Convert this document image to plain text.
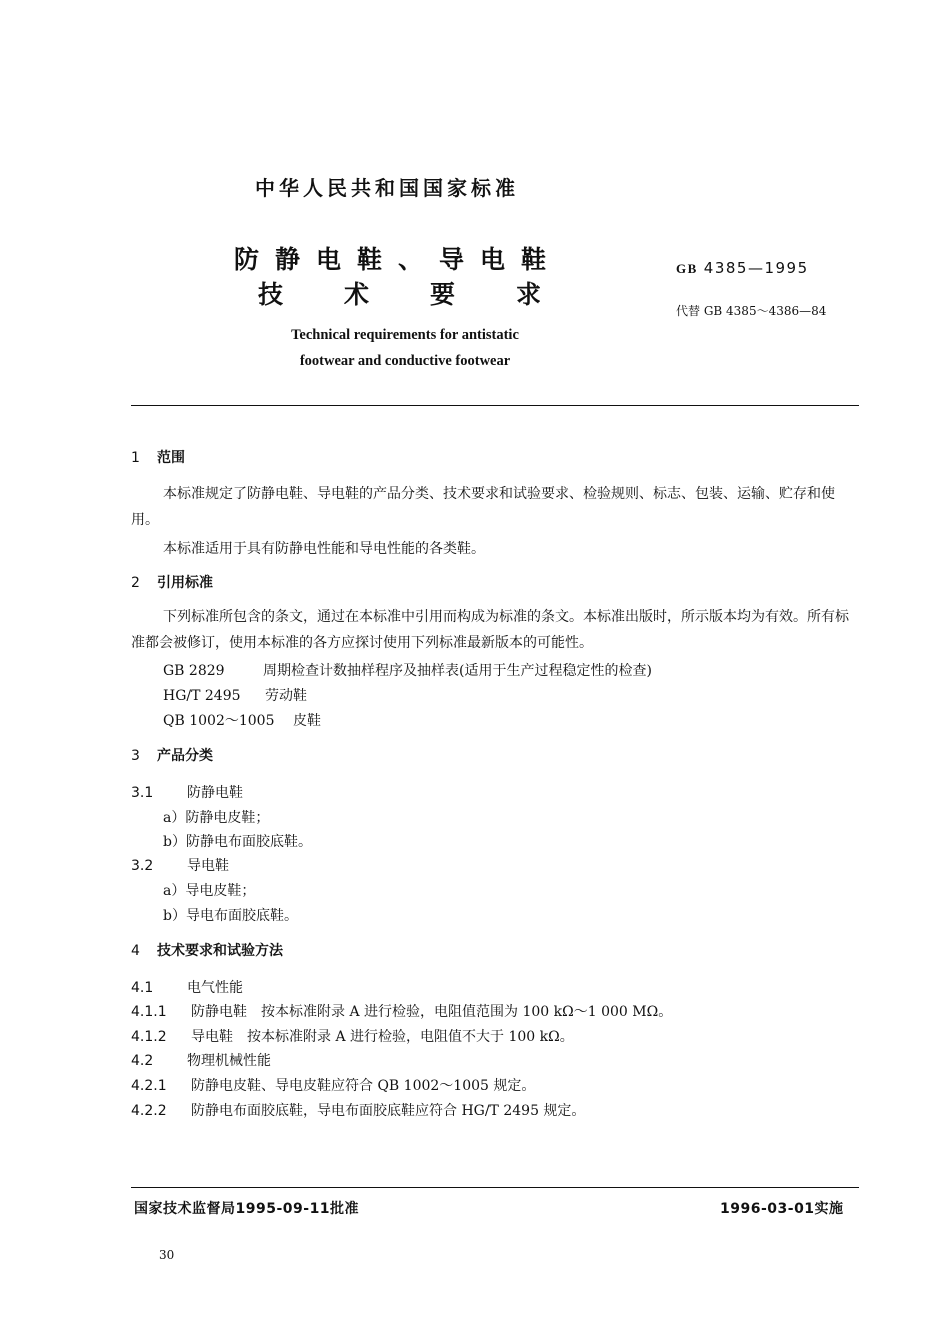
中华人民共和国国家标准
防静电鞋、导电鞋
技 术 要 求
Technical requirements for antistatic
footwear and conductive footwear
GB 4385—1995
代替 GB 4385～4386—84
1 范围
本标准规定了防静电鞋、导电鞋的产品分类、技术要求和试验要求、检验规则、标志、包装、运输、贮存和使用。
本标准适用于具有防静电性能和导电性能的各类鞋。
2 引用标准
下列标准所包含的条文，通过在本标准中引用而构成为标准的条文。本标准出版时，所示版本均为有效。所有标准都会被修订，使用本标准的各方应探讨使用下列标准最新版本的可能性。
GB 2829	周期检查计数抽样程序及抽样表(适用于生产过程稳定性的检查)
HG/T 2495 劳动鞋
QB 1002～1005 皮鞋
3 产品分类
3.1 防静电鞋
a）防静电皮鞋；
b）防静电布面胶底鞋。
3.2 导电鞋
a）导电皮鞋；
b）导电布面胶底鞋。
4 技术要求和试验方法
4.1 电气性能
4.1.1 防静电鞋　按本标准附录 A 进行检验，电阻值范围为 100 kΩ～1 000 MΩ。
4.1.2 导电鞋　按本标准附录 A 进行检验，电阻值不大于 100 kΩ。
4.2 物理机械性能
4.2.1 防静电皮鞋、导电皮鞋应符合 QB 1002～1005 规定。
4.2.2 防静电布面胶底鞋，导电布面胶底鞋应符合 HG/T 2495 规定。
国家技术监督局1995-09-11批准	1996-03-01实施
30
